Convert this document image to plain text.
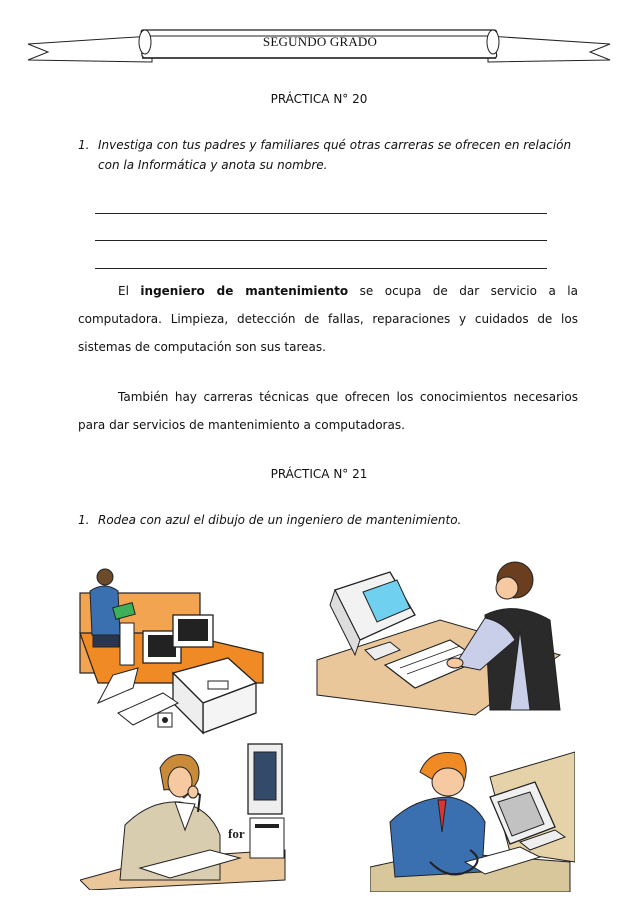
SEGUNDO GRADO
PRÁCTICA N° 20
1. Investiga con tus padres y familiares qué otras carreras se ofrecen en relación con la Informática y anota su nombre.
El ingeniero de mantenimiento se ocupa de dar servicio a la computadora. Limpieza, detección de fallas, reparaciones y cuidados de los sistemas de computación son sus tareas.
También hay carreras técnicas que ofrecen los conocimientos necesarios para dar servicios de mantenimiento a computadoras.
PRÁCTICA N° 21
1. Rodea con azul el dibujo de un ingeniero de mantenimiento.
for
